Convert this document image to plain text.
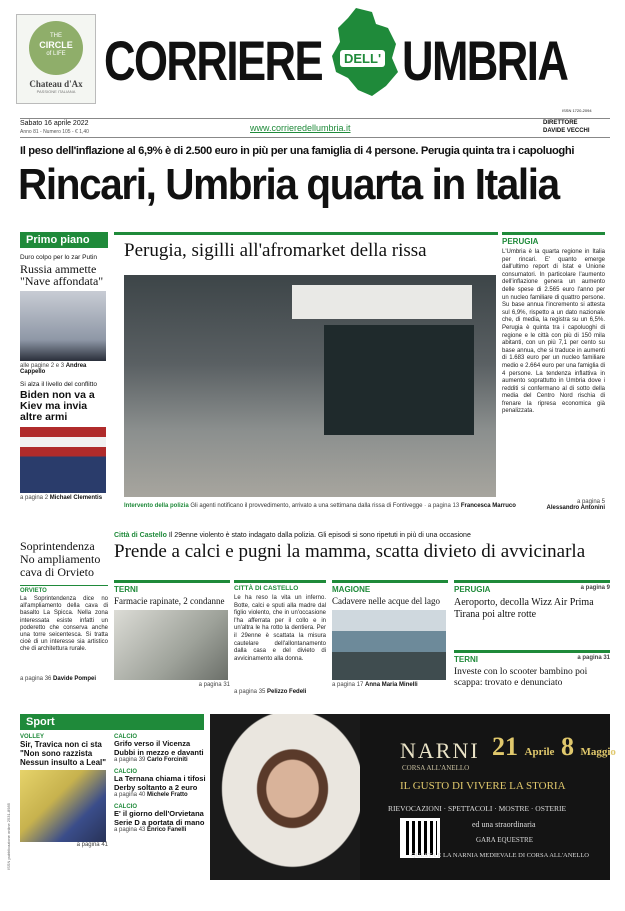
THE
CIRCLE
of LIFE
Chateau d'Ax
PASSIONE ITALIANA CORRIERE	DELL' UMBRIA
ISSN 1720-2094
Sabato 16 aprile 2022
Anno 81 - Numero 105 - € 1,40	www.corrieredellumbria.it	DIRETTORE
DAVIDE VECCHI
Il peso dell'inflazione al 6,9% è di 2.500 euro in più per una famiglia di 4 persone. Perugia quinta tra i capoluoghi
Rincari, Umbria quarta in Italia
Primo piano
Duro colpo per lo zar Putin
Russia ammette "Nave affondata"
alle pagine 2 e 3 Andrea Cappello
Si alza il livello del conflitto
Biden non va a Kiev ma invia altre armi
a pagina 2 Michael Clementis
Perugia, sigilli all'afromarket della rissa
Intervento della polizia Gli agenti notificano il provvedimento, arrivato a una settimana dalla rissa di Fontivegge · a pagina 13 Francesca Marruco
PERUGIA
L'Umbria è la quarta regione in Italia per rincari. E' quanto emerge dall'ultimo report di Istat e Unione consumatori. In particolare l'aumento dell'inflazione genera un aumento delle spese di 2.565 euro l'anno per un nucleo familiare di quattro persone. Su base annua l'incremento si attesta sul 6,9%, rispetto a un dato nazionale che, di media, la registra su un 6,5%. Perugia è quinta tra i capoluoghi di regione e le città con più di 150 mila abitanti, con un più 7,1 per cento su base annua, che si traduce in aumenti di 1.683 euro per un nucleo familiare medio e 2.664 euro per una famiglia di 4 persone. La tendenza inflattiva in aumento soprattutto in Umbria dove i redditi si confermano al di sotto della media del Centro Nord rischia di frenare la ripresa economica già penalizzata.
a pagina 5
Alessandro Antonini
Città di Castello Il 29enne violento è stato indagato dalla polizia. Gli episodi si sono ripetuti in più di una occasione
Prende a calci e pugni la mamma, scatta divieto di avvicinarla
Soprintendenza No ampliamento cava di Orvieto
ORVIETO
La Soprintendenza dice no all'ampliamento della cava di basalto La Spicca. Nella zona interessata esiste infatti un poderetto che conserva anche una torre seicentesca. Si tratta cioè di un interesse sia artistico che di architettura rurale.
a pagina 36 Davide Pompei
TERNI
Farmacie rapinate, 2 condanne
a pagina 31
CITTÀ DI CASTELLO
Le ha reso la vita un inferno. Botte, calci e sputi alla madre dal figlio violento, che in un'occasione l'ha afferrata per il collo e in un'altra le ha rotto la dentiera. Per il 29enne è scattata la misura cautelare dell'allontanamento dalla casa e del divieto di avvicinamento alla donna.
a pagina 35 Pelizzo Fedeli
MAGIONE
Cadavere nelle acque del lago
a pagina 17 Anna Maria Minelli
PERUGIA	a pagina 9
Aeroporto, decolla Wizz Air Prima Tirana poi altre rotte
TERNI	a pagina 31
Investe con lo scooter bambino poi scappa: trovato e denunciato
Sport
VOLLEY
Sir, Travica non ci sta "Non sono razzista Nessun insulto a Leal"
a pagina 41
CALCIO
Grifo verso il Vicenza Dubbi in mezzo e davanti
a pagina 39 Carlo Forciniti
CALCIO
La Ternana chiama i tifosi Derby soltanto a 2 euro
a pagina 40 Michele Fratto
CALCIO
E' il giorno dell'Orvietana Serie D a portata di mano
a pagina 43 Enrico Fanelli
NARNI
CORSA ALL'ANELLO
21 Aprile 8 Maggio
IL GUSTO DI VIVERE LA STORIA
RIEVOCAZIONI · SPETTACOLI · MOSTRE · OSTERIE
ed una straordinaria
GARA EQUESTRE
QUESTA È LA NARNIA MEDIEVALE DI CORSA ALL'ANELLO
ISSN pubblicazione online 2531-8985
